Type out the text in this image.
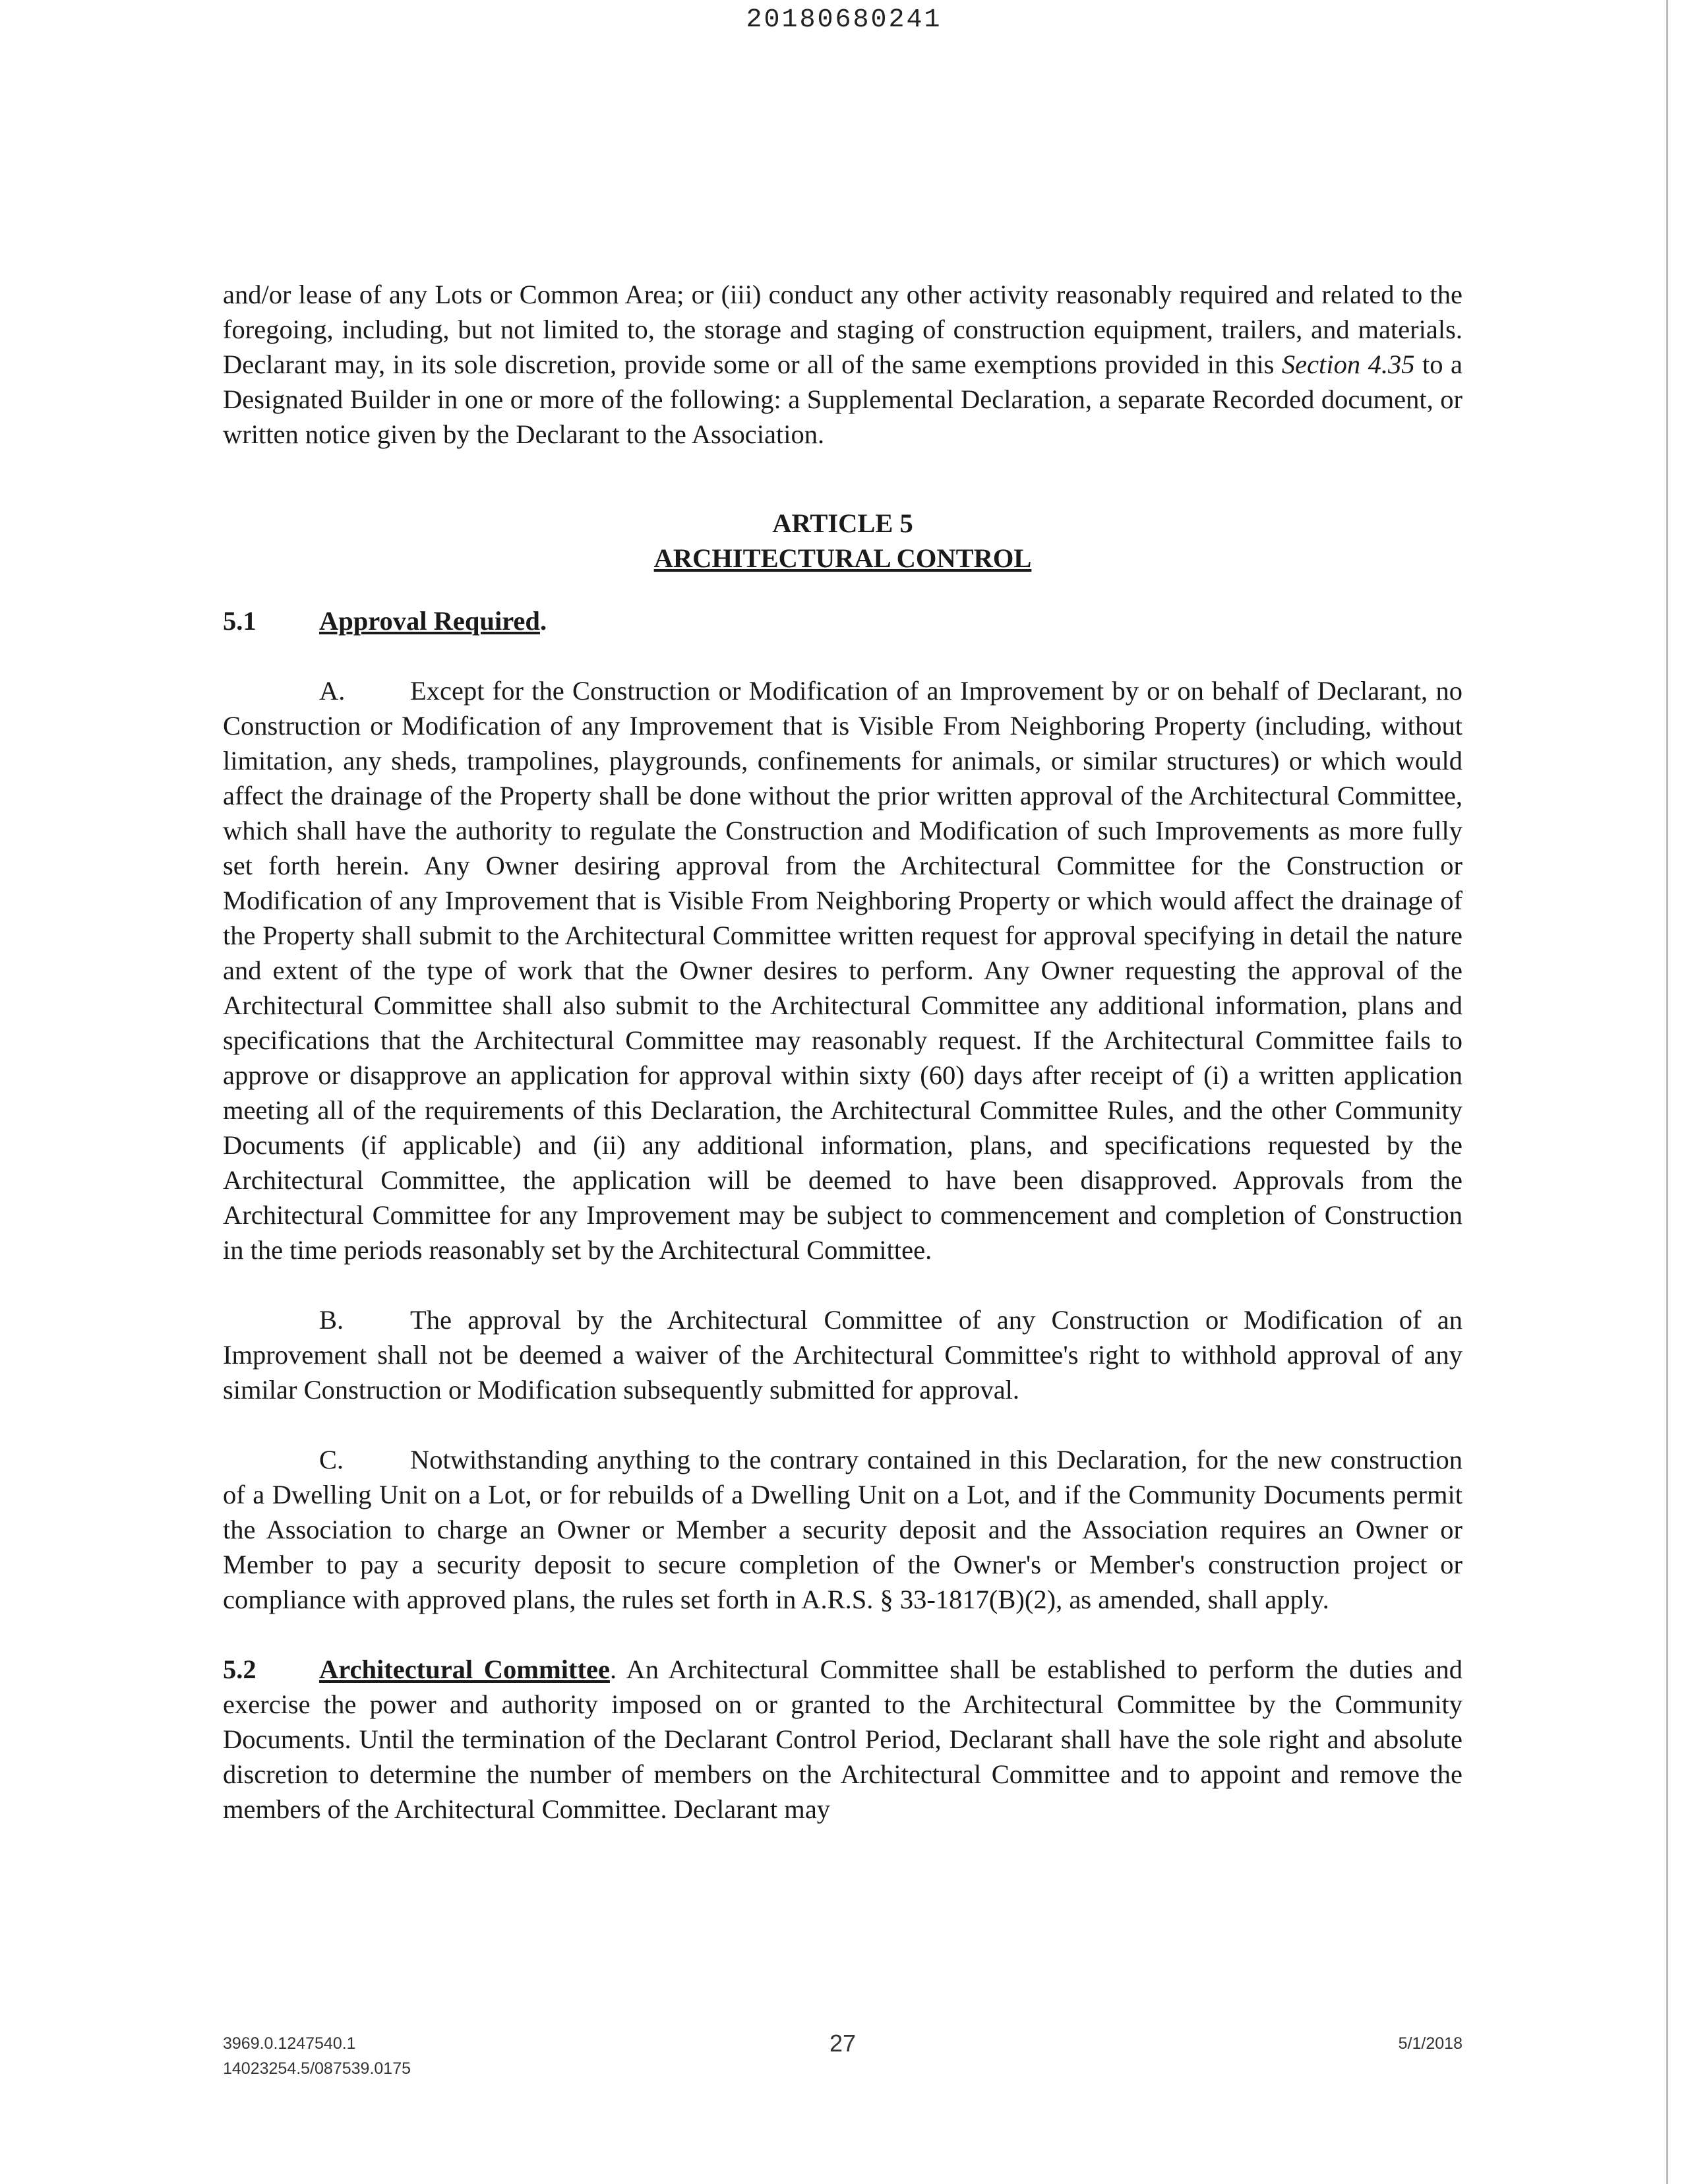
20180680241

and/or lease of any Lots or Common Area; or (iii) conduct any other activity reasonably required and related to the foregoing, including, but not limited to, the storage and staging of construction equipment, trailers, and materials. Declarant may, in its sole discretion, provide some or all of the same exemptions provided in this Section 4.35 to a Designated Builder in one or more of the following: a Supplemental Declaration, a separate Recorded document, or written notice given by the Declarant to the Association.

ARTICLE 5
ARCHITECTURAL CONTROL
5.1 Approval Required.

A. Except for the Construction or Modification of an Improvement by or on behalf of Declarant, no Construction or Modification of any Improvement that is Visible From Neighboring Property (including, without limitation, any sheds, trampolines, playgrounds, confinements for animals, or similar structures) or which would affect the drainage of the Property shall be done without the prior written approval of the Architectural Committee, which shall have the authority to regulate the Construction and Modification of such Improvements as more fully set forth herein. Any Owner desiring approval from the Architectural Committee for the Construction or Modification of any Improvement that is Visible From Neighboring Property or which would affect the drainage of the Property shall submit to the Architectural Committee written request for approval specifying in detail the nature and extent of the type of work that the Owner desires to perform. Any Owner requesting the approval of the Architectural Committee shall also submit to the Architectural Committee any additional information, plans and specifications that the Architectural Committee may reasonably request. If the Architectural Committee fails to approve or disapprove an application for approval within sixty (60) days after receipt of (i) a written application meeting all of the requirements of this Declaration, the Architectural Committee Rules, and the other Community Documents (if applicable) and (ii) any additional information, plans, and specifications requested by the Architectural Committee, the application will be deemed to have been disapproved. Approvals from the Architectural Committee for any Improvement may be subject to commencement and completion of Construction in the time periods reasonably set by the Architectural Committee.

B. The approval by the Architectural Committee of any Construction or Modification of an Improvement shall not be deemed a waiver of the Architectural Committee's right to withhold approval of any similar Construction or Modification subsequently submitted for approval.

C. Notwithstanding anything to the contrary contained in this Declaration, for the new construction of a Dwelling Unit on a Lot, or for rebuilds of a Dwelling Unit on a Lot, and if the Community Documents permit the Association to charge an Owner or Member a security deposit and the Association requires an Owner or Member to pay a security deposit to secure completion of the Owner's or Member's construction project or compliance with approved plans, the rules set forth in A.R.S. § 33-1817(B)(2), as amended, shall apply.

5.2 Architectural Committee. An Architectural Committee shall be established to perform the duties and exercise the power and authority imposed on or granted to the Architectural Committee by the Community Documents. Until the termination of the Declarant Control Period, Declarant shall have the sole right and absolute discretion to determine the number of members on the Architectural Committee and to appoint and remove the members of the Architectural Committee. Declarant may

3969.0.1247540.1
14023254.5/087539.0175
27	5/1/2018
